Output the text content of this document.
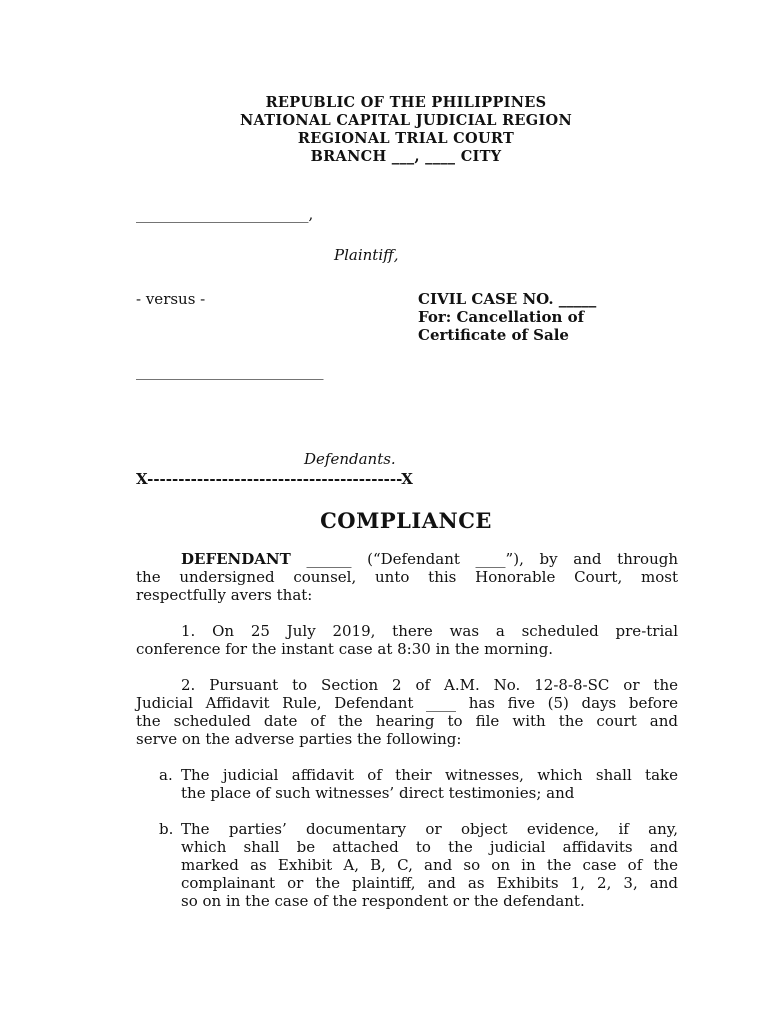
REPUBLIC OF THE PHILIPPINES
NATIONAL CAPITAL JUDICIAL REGION
REGIONAL TRIAL COURT
BRANCH ___, ____ CITY
_______________________,
Plaintiff,
- versus -	CIVIL CASE NO. _____
For: Cancellation of
Certificate of Sale
_________________________
Defendants.
X-----------------------------------------X
COMPLIANCE
DEFENDANT ______ (“Defendant ____”), by and through
the undersigned counsel, unto this Honorable Court, most
respectfully avers that:
1. On 25 July 2019, there was a scheduled pre-trial
conference for the instant case at 8:30 in the morning.
2. Pursuant to Section 2 of A.M. No. 12-8-8-SC or the
Judicial Affidavit Rule, Defendant ____ has five (5) days before
the scheduled date of the hearing to file with the court and
serve on the adverse parties the following:
a. The judicial affidavit of their witnesses, which shall take
the place of such witnesses’ direct testimonies; and
b. The parties’ documentary or object evidence, if any,
which shall be attached to the judicial affidavits and
marked as Exhibit A, B, C, and so on in the case of the
complainant or the plaintiff, and as Exhibits 1, 2, 3, and
so on in the case of the respondent or the defendant.
